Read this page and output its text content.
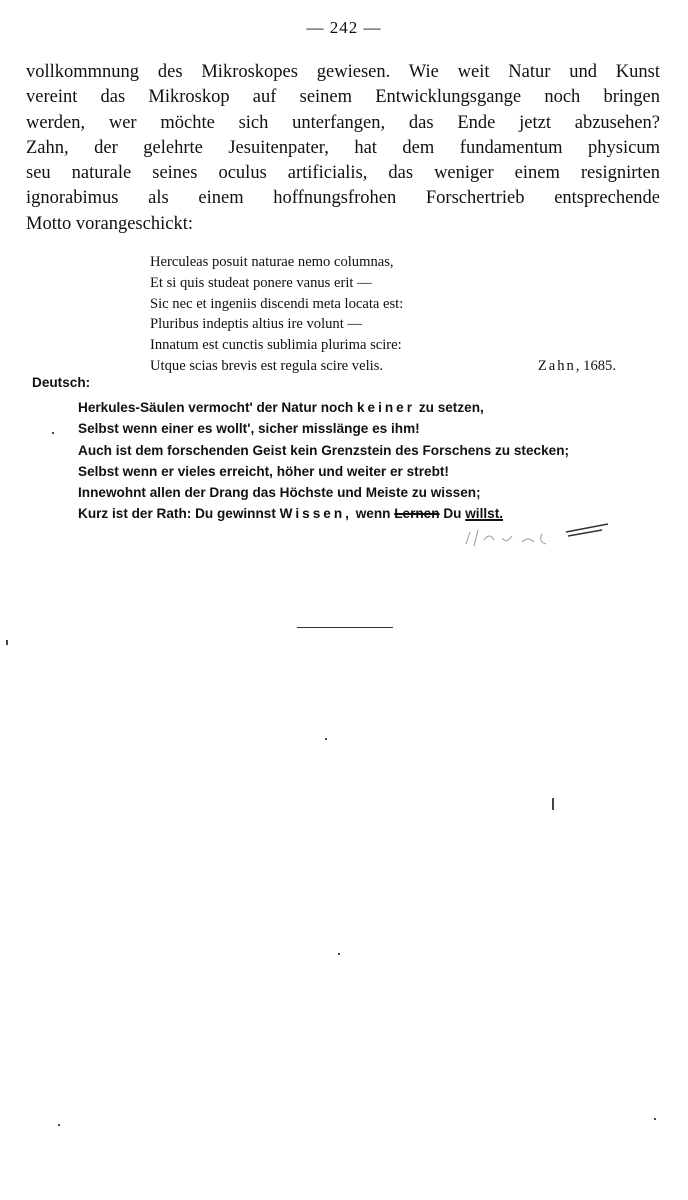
— 242 —
vollkommnung des Mikroskopes gewiesen. Wie weit Natur und Kunst
vereint das Mikroskop auf seinem Entwicklungsgange noch bringen
werden, wer möchte sich unterfangen, das Ende jetzt abzusehen?
Zahn, der gelehrte Jesuitenpater, hat dem fundamentum physicum
seu naturale seines oculus artificialis, das weniger einem resignirten
ignorabimus als einem hoffnungsfrohen Forschertrieb entsprechende
Motto vorangeschickt:
Herculeas posuit naturae nemo columnas,
Et si quis studeat ponere vanus erit —
Sic nec et ingeniis discendi meta locata est:
Pluribus indeptis altius ire volunt —
Innatum est cunctis sublimia plurima scire:
Utque scias brevis est regula scire velis.	Zahn, 1685.
Deutsch:
Herkules-Säulen vermocht' der Natur noch keiner zu setzen,
Selbst wenn einer es wollt', sicher misslänge es ihm!
Auch ist dem forschenden Geist kein Grenzstein des Forschens zu stecken;
Selbst wenn er vieles erreicht, höher und weiter er strebt!
Innewohnt allen der Drang das Höchste und Meiste zu wissen;
Kurz ist der Rath: Du gewinnst Wissen, wenn Lernen Du willst.
